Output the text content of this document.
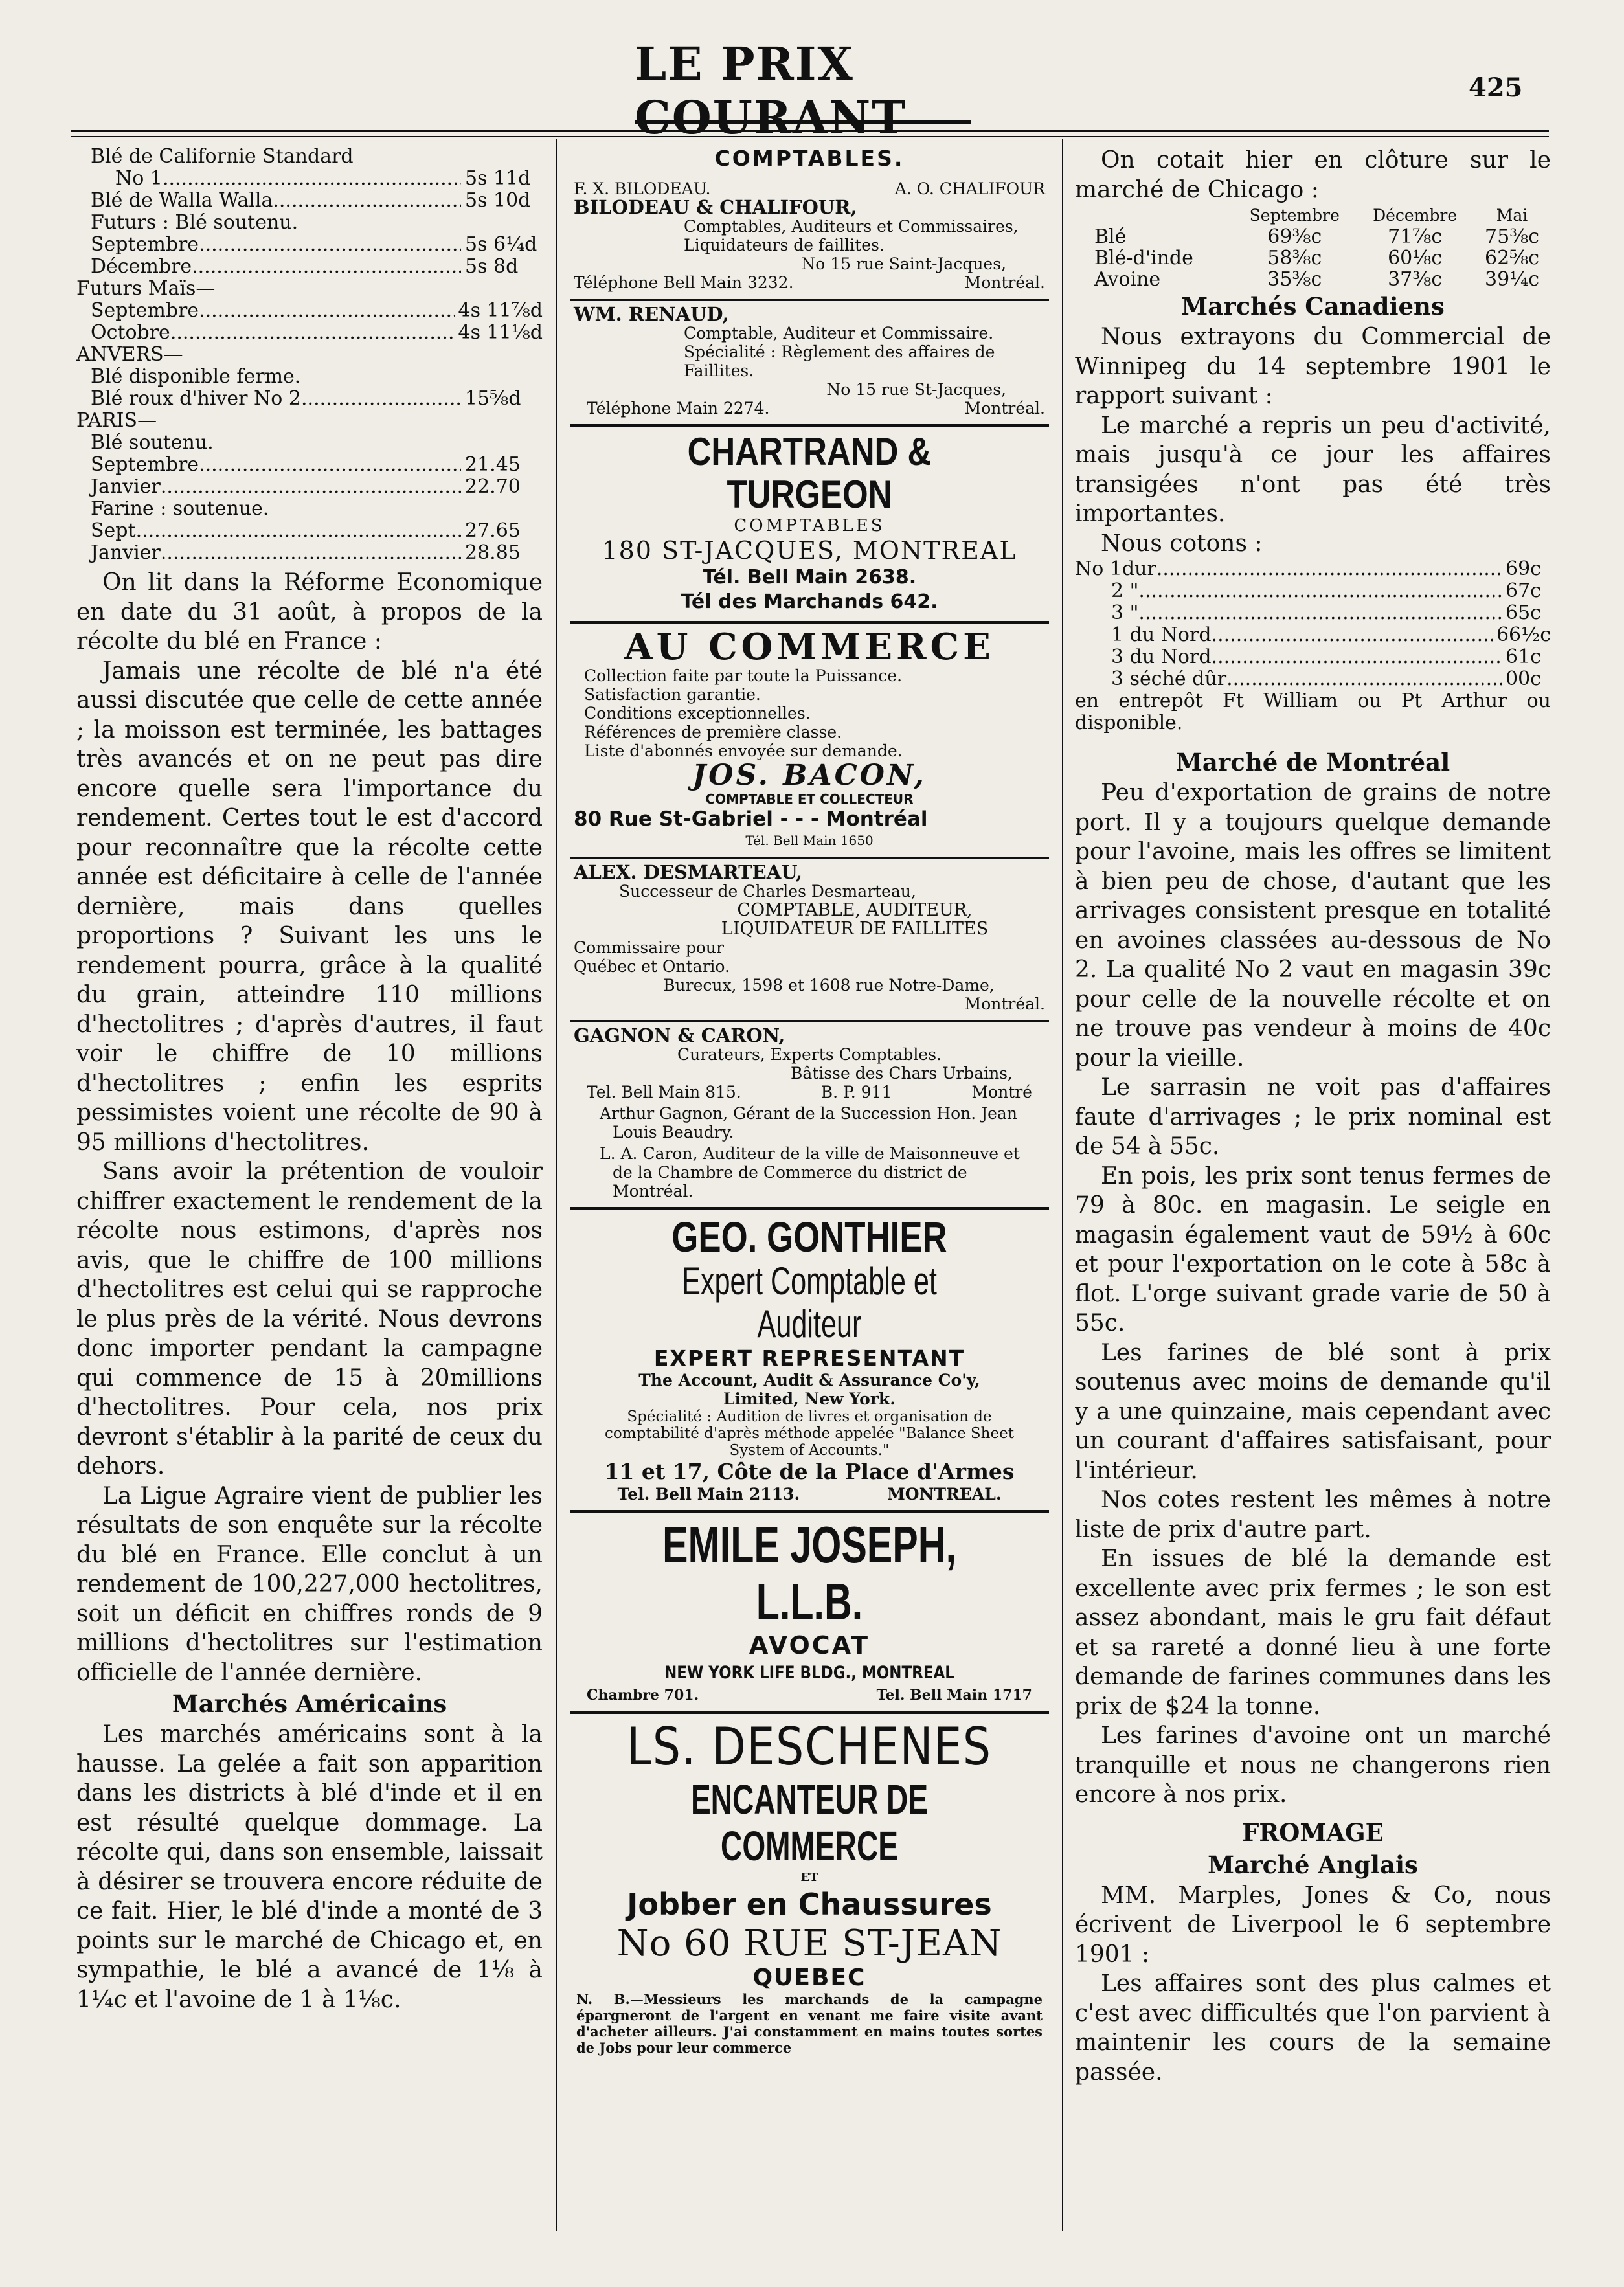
LE PRIX COURANT
425
Blé de Californie Standard
No 1 .....	5s 11d
Blé de Walla Walla .....	5s 10d
Futurs : Blé soutenu.
Septembre .....	5s 6¼d
Décembre .....	5s 8d
Futurs Maïs—
Septembre .....	4s 11⅞d
Octobre .....	4s 11⅛d
ANVERS—
Blé disponible ferme.
Blé roux d'hiver No 2 .....	15⅝d
PARIS—
Blé soutenu.
Septembre .....	21.45
Janvier .....	22.70
Farine : soutenue.
Sept .....	27.65
Janvier .....	28.85

On lit dans la Réforme Economique en date du 31 août, à propos de la récolte du blé en France :

Jamais une récolte de blé n'a été aussi discutée que celle de cette année ; la moisson est terminée, les battages très avancés et on ne peut pas dire encore quelle sera l'importance du rendement. Certes tout le est d'accord pour reconnaître que la récolte cette année est déficitaire à celle de l'année dernière, mais dans quelles proportions ? Suivant les uns le rendement pourra, grâce à la qualité du grain, atteindre 110 millions d'hectolitres ; d'après d'autres, il faut voir le chiffre de 10 millions d'hectolitres ; enfin les esprits pessimistes voient une récolte de 90 à 95 millions d'hectolitres.

Sans avoir la prétention de vouloir chiffrer exactement le rendement de la récolte nous estimons, d'après nos avis, que le chiffre de 100 millions d'hectolitres est celui qui se rapproche le plus près de la vérité. Nous devrons donc importer pendant la campagne qui commence de 15 à 20millions d'hectolitres. Pour cela, nos prix devront s'établir à la parité de ceux du dehors.

La Ligue Agraire vient de publier les résultats de son enquête sur la récolte du blé en France. Elle conclut à un rendement de 100,227,000 hectolitres, soit un déficit en chiffres ronds de 9 millions d'hectolitres sur l'estimation officielle de l'année dernière.

Marchés Américains

Les marchés américains sont à la hausse. La gelée a fait son apparition dans les districts à blé d'inde et il en est résulté quelque dommage. La récolte qui, dans son ensemble, laissait à désirer se trouvera encore réduite de ce fait. Hier, le blé d'inde a monté de 3 points sur le marché de Chicago et, en sympathie, le blé a avancé de 1⅛ à 1¼c et l'avoine de 1 à 1⅛c.

COMPTABLES.
F. X. BILODEAU.	A. O. CHALIFOUR
BILODEAU & CHALIFOUR,
Comptables, Auditeurs et Commissaires, Liquidateurs de faillites.
No 15 rue Saint-Jacques,
Téléphone Bell Main 3232.	Montréal.
WM. RENAUD,
Comptable, Auditeur et Commissaire. Spécialité : Règlement des affaires de Faillites.
No 15 rue St-Jacques,
Téléphone Main 2274.	Montréal.
CHARTRAND & TURGEON
COMPTABLES
180 ST-JACQUES, MONTREAL
Tél. Bell Main 2638.
Tél des Marchands 642.
AU COMMERCE
Collection faite par toute la Puissance.
Satisfaction garantie.
Conditions exceptionnelles.
Références de première classe.
Liste d'abonnés envoyée sur demande.
JOS. BACON,
COMPTABLE ET COLLECTEUR
80 Rue St-Gabriel - - - Montréal
Tél. Bell Main 1650
ALEX. DESMARTEAU,
Successeur de Charles Desmarteau,
COMPTABLE, AUDITEUR,
LIQUIDATEUR DE FAILLITES
Commissaire pour
Québec et Ontario.
Burecux, 1598 et 1608 rue Notre-Dame,
Montréal.
GAGNON & CARON,
Curateurs, Experts Comptables.
Bâtisse des Chars Urbains,
Tel. Bell Main 815.	B. P. 911	Montré
Arthur Gagnon, Gérant de la Succession Hon. Jean Louis Beaudry.
L. A. Caron, Auditeur de la ville de Maisonneuve et de la Chambre de Commerce du district de Montréal.
GEO. GONTHIER
Expert Comptable et Auditeur
EXPERT REPRESENTANT
The Account, Audit & Assurance Co'y, Limited, New York.
Spécialité : Audition de livres et organisation de comptabilité d'après méthode appelée "Balance Sheet System of Accounts."
11 et 17, Côte de la Place d'Armes
Tel. Bell Main 2113.	MONTREAL.
EMILE JOSEPH, L.L.B.
AVOCAT
NEW YORK LIFE BLDG., MONTREAL
Chambre 701.	Tel. Bell Main 1717
LS. DESCHENES
ENCANTEUR DE COMMERCE
ET
Jobber en Chaussures
No 60 RUE ST-JEAN
QUEBEC
N. B.—Messieurs les marchands de la campagne épargneront de l'argent en venant me faire visite avant d'acheter ailleurs. J'ai constamment en mains toutes sortes de Jobs pour leur commerce

On cotait hier en clôture sur le marché de Chicago :

	Septembre	Décembre	Mai
Blé	69⅜c	71⅞c	75⅜c
Blé-d'inde	58⅜c	60⅛c	62⅝c
Avoine	35⅜c	37⅜c	39¼c
Marchés Canadiens

Nous extrayons du Commercial de Winnipeg du 14 septembre 1901 le rapport suivant :

Le marché a repris un peu d'activité, mais jusqu'à ce jour les affaires transigées n'ont pas été très importantes.

Nous cotons :

No 1dur .....	69c
2 " .....	67c
3 " .....	65c
1 du Nord .....	66½c
3 du Nord .....	61c
3 séché dûr .....	00c

en entrepôt Ft William ou Pt Arthur ou disponible.

Marché de Montréal

Peu d'exportation de grains de notre port. Il y a toujours quelque demande pour l'avoine, mais les offres se limitent à bien peu de chose, d'autant que les arrivages consistent presque en totalité en avoines classées au-dessous de No 2. La qualité No 2 vaut en magasin 39c pour celle de la nouvelle récolte et on ne trouve pas vendeur à moins de 40c pour la vieille.

Le sarrasin ne voit pas d'affaires faute d'arrivages ; le prix nominal est de 54 à 55c.

En pois, les prix sont tenus fermes de 79 à 80c. en magasin. Le seigle en magasin également vaut de 59½ à 60c et pour l'exportation on le cote à 58c à flot. L'orge suivant grade varie de 50 à 55c.

Les farines de blé sont à prix soutenus avec moins de demande qu'il y a une quinzaine, mais cependant avec un courant d'affaires satisfaisant, pour l'intérieur.

Nos cotes restent les mêmes à notre liste de prix d'autre part.

En issues de blé la demande est excellente avec prix fermes ; le son est assez abondant, mais le gru fait défaut et sa rareté a donné lieu à une forte demande de farines communes dans les prix de $24 la tonne.

Les farines d'avoine ont un marché tranquille et nous ne changerons rien encore à nos prix.

FROMAGE
Marché Anglais

MM. Marples, Jones & Co, nous écrivent de Liverpool le 6 septembre 1901 :

Les affaires sont des plus calmes et c'est avec difficultés que l'on parvient à maintenir les cours de la semaine passée.
